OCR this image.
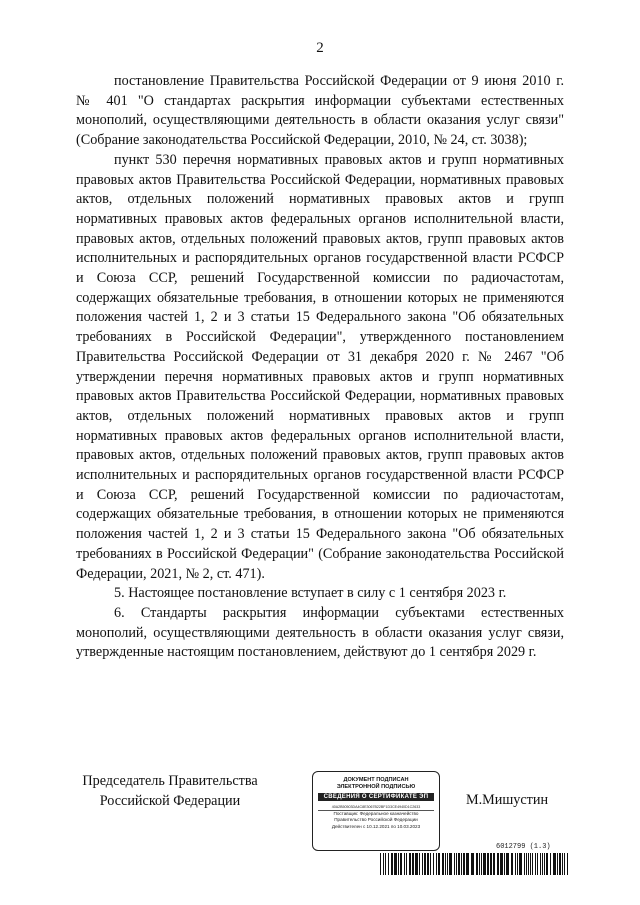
2

постановление Правительства Российской Федерации от 9 июня 2010 г. № 401 "О стандартах раскрытия информации субъектами естественных монополий, осуществляющими деятельность в области оказания услуг связи" (Собрание законодательства Российской Федерации, 2010, № 24, ст. 3038);

пункт 530 перечня нормативных правовых актов и групп нормативных правовых актов Правительства Российской Федерации, нормативных правовых актов, отдельных положений нормативных правовых актов и групп нормативных правовых актов федеральных органов исполнительной власти, правовых актов, отдельных положений правовых актов, групп правовых актов исполнительных и распорядительных органов государственной власти РСФСР и Союза ССР, решений Государственной комиссии по радиочастотам, содержащих обязательные требования, в отношении которых не применяются положения частей 1, 2 и 3 статьи 15 Федерального закона "Об обязательных требованиях в Российской Федерации", утвержденного постановлением Правительства Российской Федерации от 31 декабря 2020 г. № 2467 "Об утверждении перечня нормативных правовых актов и групп нормативных правовых актов Правительства Российской Федерации, нормативных правовых актов, отдельных положений нормативных правовых актов и групп нормативных правовых актов федеральных органов исполнительной власти, правовых актов, отдельных положений правовых актов, групп правовых актов исполнительных и распорядительных органов государственной власти РСФСР и Союза ССР, решений Государственной комиссии по радиочастотам, содержащих обязательные требования, в отношении которых не применяются положения частей 1, 2 и 3 статьи 15 Федерального закона "Об обязательных требованиях в Российской Федерации" (Собрание законодательства Российской Федерации, 2021, № 2, ст. 471).

5. Настоящее постановление вступает в силу с 1 сентября 2023 г.

6. Стандарты раскрытия информации субъектами естественных монополий, осуществляющими деятельность в области оказания услуг связи, утвержденные настоящим постановлением, действуют до 1 сентября 2029 г.

Председатель Правительства
Российской Федерации
ДОКУМЕНТ ПОДПИСАН
ЭЛЕКТРОННОЙ ПОДПИСЬЮ
СВЕДЕНИЯ О СЕРТИФИКАТЕ ЭП
40A2B50503DA4C8E3067B22BF1D3CE4940D1C2633
Поставщик: Федеральное казначейство
Правительство Российской Федерации
Действителен с 10.12.2021 по 10.03.2023
М.Мишустин
6012799 (1.3)
